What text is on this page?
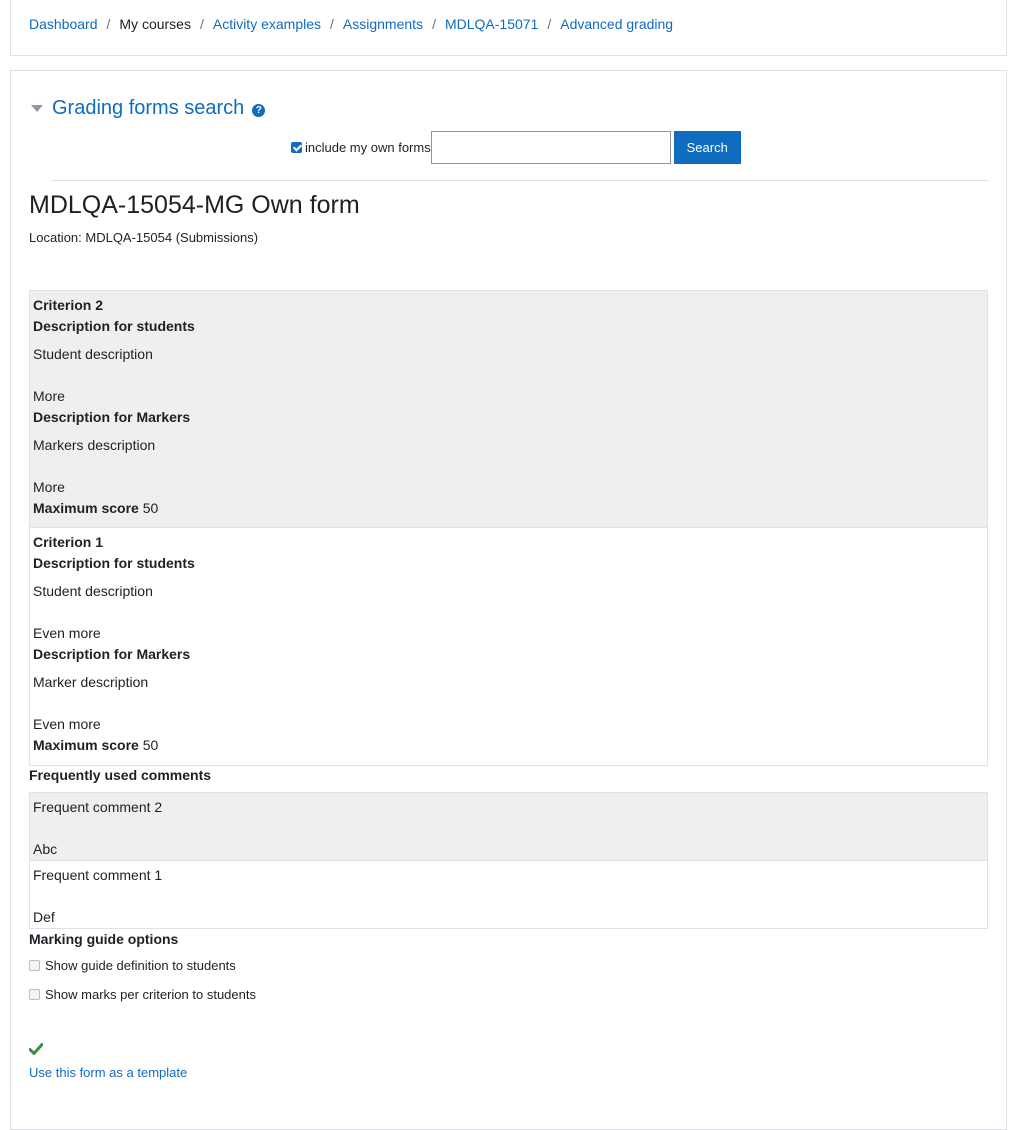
Dashboard / My courses / Activity examples / Assignments / MDLQA-15071 / Advanced grading
Grading forms search	?
include my own forms	Search
MDLQA-15054-MG Own form
Location: MDLQA-15054 (Submissions)
Criterion 2
Description for students
Student description
More
Description for Markers
Markers description
More
Maximum score 50
Criterion 1
Description for students
Student description
Even more
Description for Markers
Marker description
Even more
Maximum score 50
Frequently used comments
Frequent comment 2
Abc
Frequent comment 1
Def
Marking guide options
Show guide definition to students
Show marks per criterion to students
Use this form as a template
